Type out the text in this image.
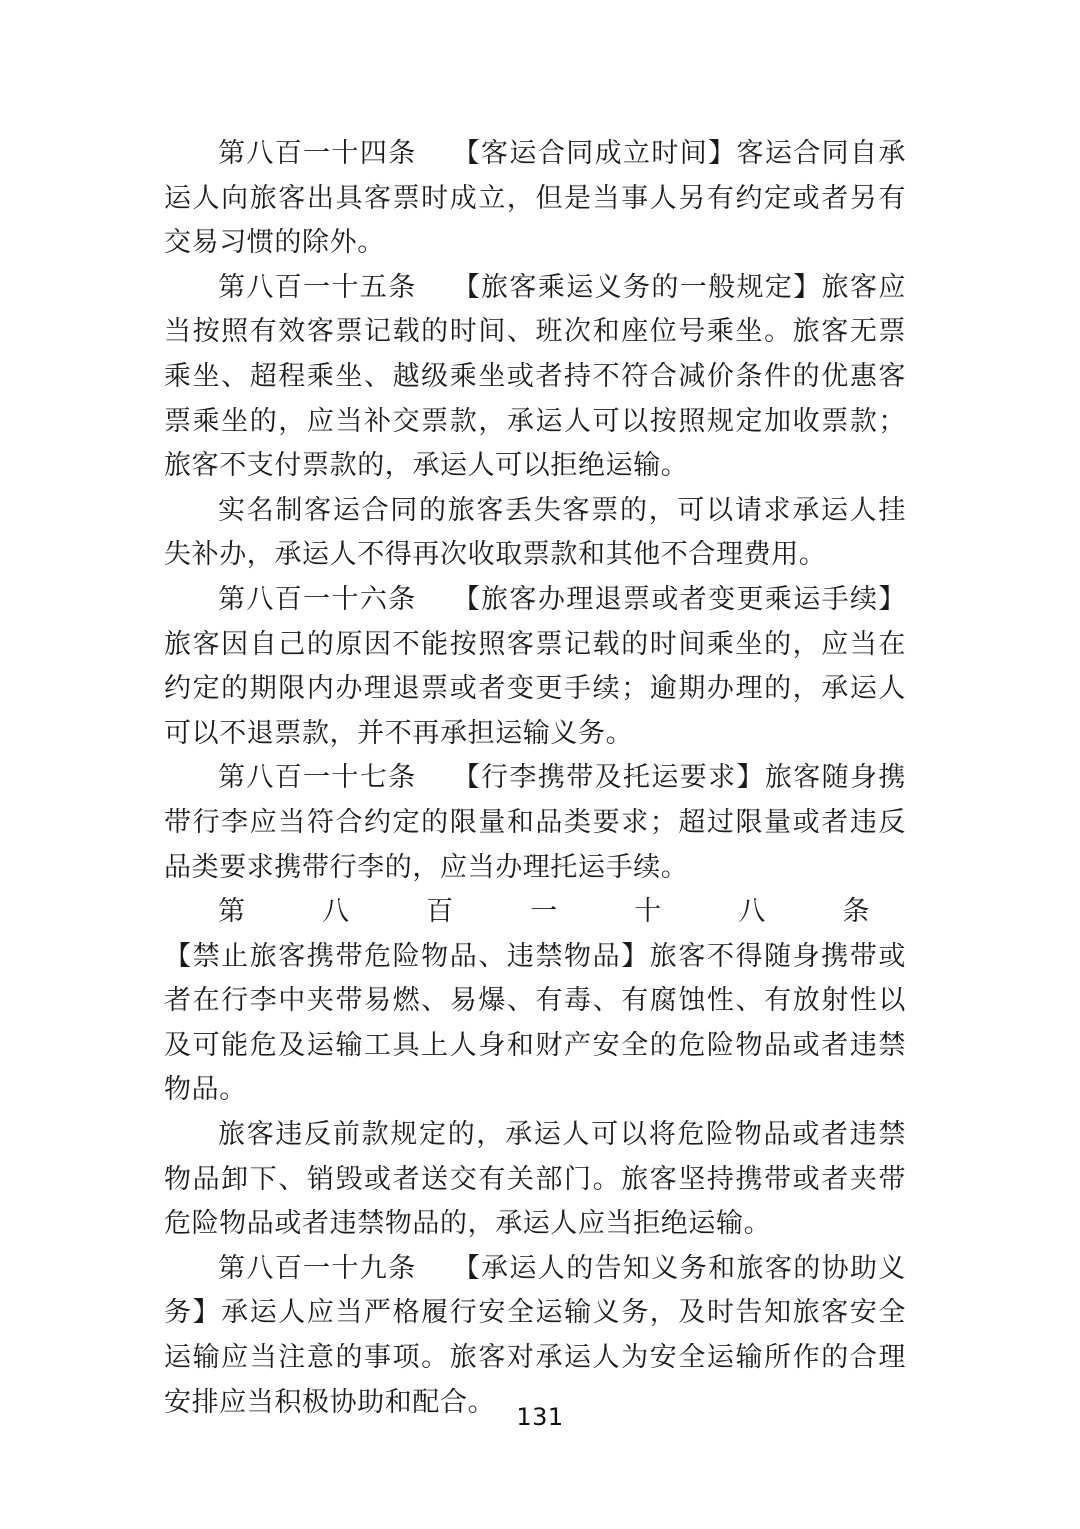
第八百一十四条 【客运合同成立时间】客运合同自承运人向旅客出具客票时成立，但是当事人另有约定或者另有交易习惯的除外。

第八百一十五条 【旅客乘运义务的一般规定】旅客应当按照有效客票记载的时间、班次和座位号乘坐。旅客无票乘坐、超程乘坐、越级乘坐或者持不符合减价条件的优惠客票乘坐的，应当补交票款，承运人可以按照规定加收票款；旅客不支付票款的，承运人可以拒绝运输。

实名制客运合同的旅客丢失客票的，可以请求承运人挂失补办，承运人不得再次收取票款和其他不合理费用。

第八百一十六条 【旅客办理退票或者变更乘运手续】旅客因自己的原因不能按照客票记载的时间乘坐的，应当在约定的期限内办理退票或者变更手续；逾期办理的，承运人可以不退票款，并不再承担运输义务。

第八百一十七条 【行李携带及托运要求】旅客随身携带行李应当符合约定的限量和品类要求；超过限量或者违反品类要求携带行李的，应当办理托运手续。

第八百一十八条【禁止旅客携带危险物品、违禁物品】旅客不得随身携带或者在行李中夹带易燃、易爆、有毒、有腐蚀性、有放射性以及可能危及运输工具上人身和财产安全的危险物品或者违禁物品。

旅客违反前款规定的，承运人可以将危险物品或者违禁物品卸下、销毁或者送交有关部门。旅客坚持携带或者夹带危险物品或者违禁物品的，承运人应当拒绝运输。

第八百一十九条 【承运人的告知义务和旅客的协助义务】承运人应当严格履行安全运输义务，及时告知旅客安全运输应当注意的事项。旅客对承运人为安全运输所作的合理安排应当积极协助和配合。 131
